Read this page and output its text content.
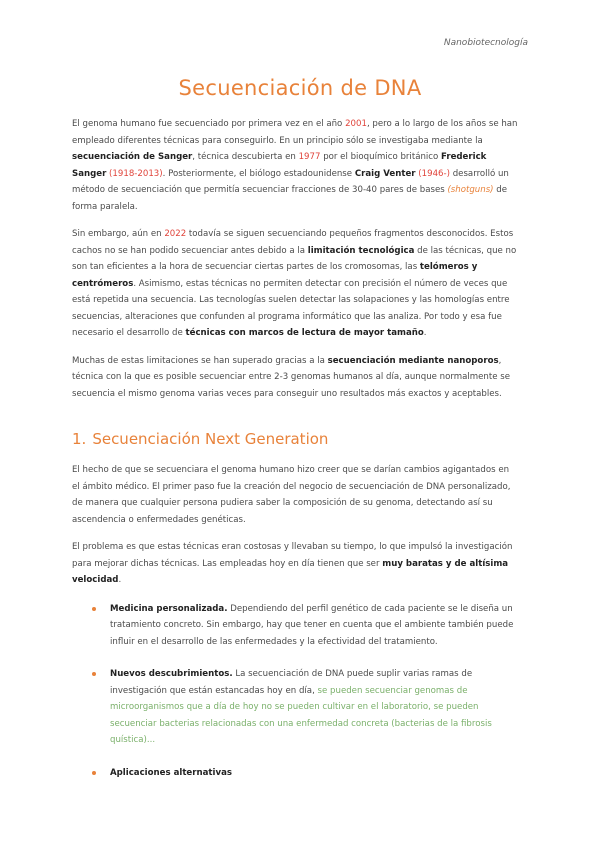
Nanobiotecnología
Secuenciación de DNA

El genoma humano fue secuenciado por primera vez en el año 2001, pero a lo largo de los años se han empleado diferentes técnicas para conseguirlo. En un principio sólo se investigaba mediante la secuenciación de Sanger, técnica descubierta en 1977 por el bioquímico británico Frederick Sanger (1918-2013). Posteriormente, el biólogo estadounidense Craig Venter (1946-) desarrolló un método de secuenciación que permitía secuenciar fracciones de 30-40 pares de bases (shotguns) de forma paralela.

Sin embargo, aún en 2022 todavía se siguen secuenciando pequeños fragmentos desconocidos. Estos cachos no se han podido secuenciar antes debido a la limitación tecnológica de las técnicas, que no son tan eficientes a la hora de secuenciar ciertas partes de los cromosomas, las telómeros y centrómeros. Asimismo, estas técnicas no permiten detectar con precisión el número de veces que está repetida una secuencia. Las tecnologías suelen detectar las solapaciones y las homologías entre secuencias, alteraciones que confunden al programa informático que las analiza. Por todo y esa fue necesario el desarrollo de técnicas con marcos de lectura de mayor tamaño.

Muchas de estas limitaciones se han superado gracias a la secuenciación mediante nanoporos, técnica con la que es posible secuenciar entre 2-3 genomas humanos al día, aunque normalmente se secuencia el mismo genoma varias veces para conseguir uno resultados más exactos y aceptables.

1. Secuenciación Next Generation

El hecho de que se secuenciara el genoma humano hizo creer que se darían cambios agigantados en el ámbito médico. El primer paso fue la creación del negocio de secuenciación de DNA personalizado, de manera que cualquier persona pudiera saber la composición de su genoma, detectando así su ascendencia o enfermedades genéticas.

El problema es que estas técnicas eran costosas y llevaban su tiempo, lo que impulsó la investigación para mejorar dichas técnicas. Las empleadas hoy en día tienen que ser muy baratas y de altísima velocidad.

Medicina personalizada. Dependiendo del perfil genético de cada paciente se le diseña un tratamiento concreto. Sin embargo, hay que tener en cuenta que el ambiente también puede influir en el desarrollo de las enfermedades y la efectividad del tratamiento.
Nuevos descubrimientos. La secuenciación de DNA puede suplir varias ramas de investigación que están estancadas hoy en día, se pueden secuenciar genomas de microorganismos que a día de hoy no se pueden cultivar en el laboratorio, se pueden secuenciar bacterias relacionadas con una enfermedad concreta (bacterias de la fibrosis quística)...
Aplicaciones alternativas
